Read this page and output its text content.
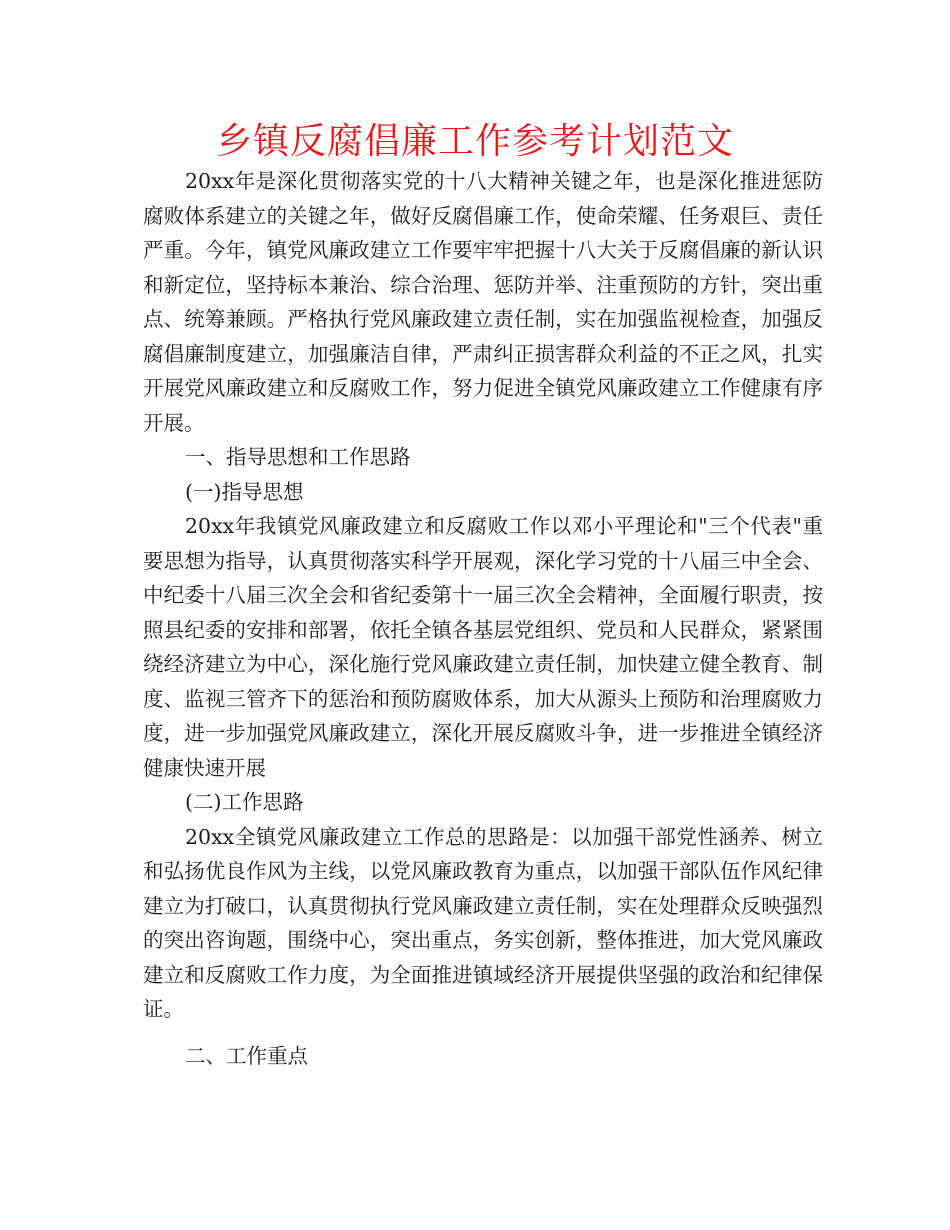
乡镇反腐倡廉工作参考计划范文

20xx年是深化贯彻落实党的十八大精神关键之年，也是深化推进惩防腐败体系建立的关键之年，做好反腐倡廉工作，使命荣耀、任务艰巨、责任严重。今年，镇党风廉政建立工作要牢牢把握十八大关于反腐倡廉的新认识和新定位，坚持标本兼治、综合治理、惩防并举、注重预防的方针，突出重点、统筹兼顾。严格执行党风廉政建立责任制，实在加强监视检查，加强反腐倡廉制度建立，加强廉洁自律，严肃纠正损害群众利益的不正之风，扎实开展党风廉政建立和反腐败工作，努力促进全镇党风廉政建立工作健康有序开展。

一、指导思想和工作思路

(一)指导思想

20xx年我镇党风廉政建立和反腐败工作以邓小平理论和"三个代表"重要思想为指导，认真贯彻落实科学开展观，深化学习党的十八届三中全会、中纪委十八届三次全会和省纪委第十一届三次全会精神，全面履行职责，按照县纪委的安排和部署，依托全镇各基层党组织、党员和人民群众，紧紧围绕经济建立为中心，深化施行党风廉政建立责任制，加快建立健全教育、制度、监视三管齐下的惩治和预防腐败体系，加大从源头上预防和治理腐败力度，进一步加强党风廉政建立，深化开展反腐败斗争，进一步推进全镇经济健康快速开展

(二)工作思路

20xx全镇党风廉政建立工作总的思路是：以加强干部党性涵养、树立和弘扬优良作风为主线，以党风廉政教育为重点，以加强干部队伍作风纪律建立为打破口，认真贯彻执行党风廉政建立责任制，实在处理群众反映强烈的突出咨询题，围绕中心，突出重点，务实创新，整体推进，加大党风廉政建立和反腐败工作力度，为全面推进镇域经济开展提供坚强的政治和纪律保证。

二、工作重点
